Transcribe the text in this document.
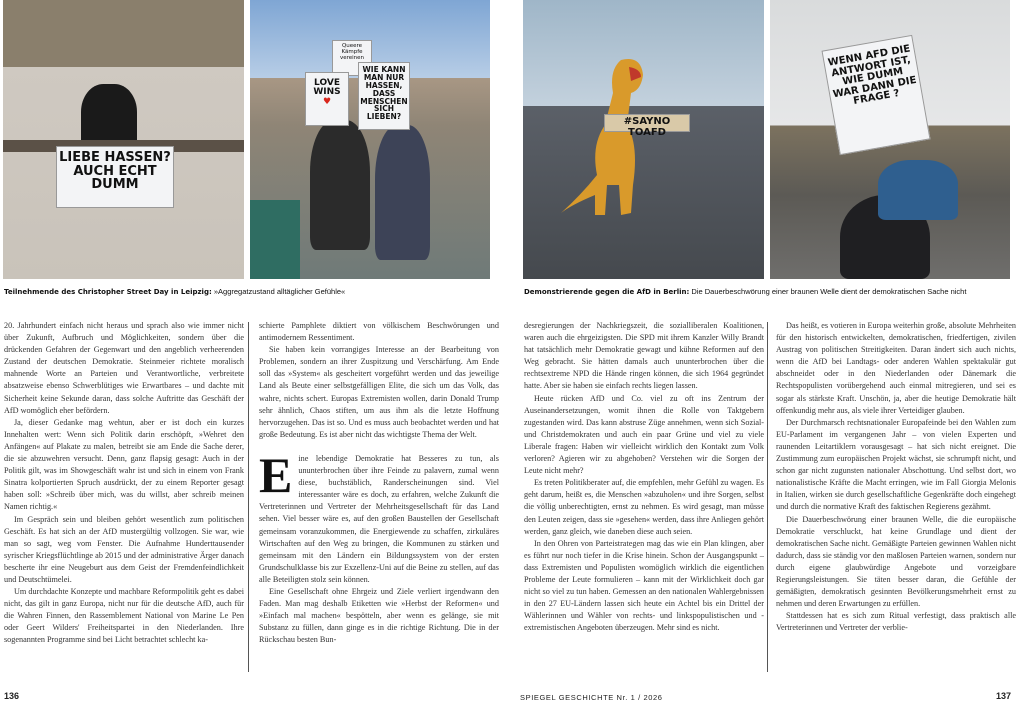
LIEBE HASSEN? AUCH ECHT DUMM
Queere Kämpfe vereinen
LOVE WINS
♥
WIE KANN MAN NUR HASSEN, DASS MENSCHEN SICH LIEBEN?	#SAYNO TOAFD
WENN AFD DIE ANTWORT IST, WIE DUMM WAR DANN DIE FRAGE ?
Teilnehmende des Christopher Street Day in Leipzig: »Aggregatzustand alltäglicher Gefühle«	Demonstrierende gegen die AfD in Berlin: Die Dauerbeschwörung einer braunen Welle dient der demokratischen Sache nicht

20. Jahrhundert einfach nicht heraus und sprach also wie immer nicht über Zukunft, Aufbruch und Möglichkeiten, sondern über die drückenden Gefahren der Gegenwart und den angeblich verheerenden Zustand der deutschen Demokratie. Steinmeier richtete moralisch mahnende Worte an Parteien und Verantwortliche, verbreitete absatzweise ebenso Schwerblütiges wie Erwartbares – und dachte mit Sicherheit keine Sekunde daran, dass solche Auftritte das Geschäft der AfD womöglich eher befördern.

Ja, dieser Gedanke mag wehtun, aber er ist doch ein kurzes Innehalten wert: Wenn sich Politik darin erschöpft, »Wehret den Anfängen« auf Plakate zu malen, betreibt sie am Ende die Sache derer, die sie abzuwehren versucht. Denn, ganz flapsig gesagt: Auch in der Politik gilt, was im Showgeschäft wahr ist und sich in einem von Frank Sinatra kolportierten Spruch ausdrückt, der zu einem Reporter gesagt haben soll: »Schreib über mich, was du willst, aber schreib meinen Namen richtig.«

Im Gespräch sein und bleiben gehört wesentlich zum politischen Geschäft. Es hat sich an der AfD mustergültig vollzogen. Sie war, wie man so sagt, weg vom Fenster. Die Aufnahme Hunderttausender syrischer Kriegsflüchtlinge ab 2015 und der administrative Ärger danach bescherte ihr eine Neugeburt aus dem Geist der Fremdenfeindlichkeit und Deutschtümelei.

Um durchdachte Konzepte und machbare Reformpolitik geht es dabei nicht, das gilt in ganz Europa, nicht nur für die deutsche AfD, auch für die Wahren Finnen, den Rassemblement National von Marine Le Pen oder Geert Wilders' Freiheitspartei in den Niederlanden. Ihre sogenannten Programme sind bei Licht betrachtet schlecht ka-

schierte Pamphlete diktiert von völkischem Beschwörungen und antimodernem Ressentiment.

Sie haben kein vorrangiges Interesse an der Bearbeitung von Problemen, sondern an ihrer Zuspitzung und Verschärfung. Am Ende soll das »System« als gescheitert vorgeführt werden und das jeweilige Land als Beute einer selbstgefälligen Elite, die sich um das Volk, das wahre, nichts schert. Europas Extremisten wollen, darin Donald Trump sehr ähnlich, Chaos stiften, um aus ihm als die letzte Hoffnung hervorzugehen. Das ist so. Und es muss auch beobachtet werden und hat große Bedeutung. Es ist aber nicht das wichtigste Thema der Welt.

Eine lebendige Demokratie hat Besseres zu tun, als ununterbrochen über ihre Feinde zu palavern, zumal wenn diese, buchstäblich, Randerscheinungen sind. Viel interessanter wäre es doch, zu erfahren, welche Zukunft die Vertreterinnen und Vertreter der Mehrheitsgesellschaft für das Land sehen. Viel besser wäre es, auf den großen Baustellen der Gesellschaft gemeinsam voranzukommen, die Energiewende zu schaffen, zirkuläres Wirtschaften auf den Weg zu bringen, die Kommunen zu stärken und gemeinsam mit den Ländern ein Bildungssystem von der ersten Grundschulklasse bis zur Exzellenz-Uni auf die Beine zu stellen, auf das alle Beteiligten stolz sein können.

Eine Gesellschaft ohne Ehrgeiz und Ziele verliert irgendwann den Faden. Man mag deshalb Etiketten wie »Herbst der Reformen« und »Einfach mal machen« bespötteln, aber wenn es gelänge, sie mit Substanz zu füllen, dann ginge es in die richtige Richtung. Die in der Rückschau besten Bun-

desregierungen der Nachkriegszeit, die sozialliberalen Koalitionen, waren auch die ehrgeizigsten. Die SPD mit ihrem Kanzler Willy Brandt hat tatsächlich mehr Demokratie gewagt und kühne Reformen auf den Weg gebracht. Sie hätten damals auch ununterbrochen über die rechtsextreme NPD die Hände ringen können, die sich 1964 gegründet hatte. Aber sie haben sie einfach rechts liegen lassen.

Heute rücken AfD und Co. viel zu oft ins Zentrum der Auseinandersetzungen, womit ihnen die Rolle von Taktgebern zugestanden wird. Das kann abstruse Züge annehmen, wenn sich Sozial- und Christdemokraten und auch ein paar Grüne und viel zu viele Liberale fragen: Haben wir vielleicht wirklich den Kontakt zum Volk verloren? Agieren wir zu abgehoben? Verstehen wir die Sorgen der Leute nicht mehr?

Es treten Politikberater auf, die empfehlen, mehr Gefühl zu wagen. Es geht darum, heißt es, die Menschen »abzuholen« und ihre Sorgen, selbst die völlig unberechtigten, ernst zu nehmen. Es wird gesagt, man müsse den Leuten zeigen, dass sie »gesehen« werden, dass ihre Anliegen gehört werden, ganz gleich, wie daneben diese auch seien.

In den Ohren von Parteistrategen mag das wie ein Plan klingen, aber es führt nur noch tiefer in die Krise hinein. Schon der Ausgangspunkt – dass Extremisten und Populisten womöglich wirklich die eigentlichen Probleme der Leute formulieren – kann mit der Wirklichkeit doch gar nicht so viel zu tun haben. Gemessen an den nationalen Wahlergebnissen in den 27 EU-Ländern lassen sich heute ein Achtel bis ein Drittel der Wählerinnen und Wähler von rechts- und linkspopulistischen und -extremistischen Angeboten überzeugen. Mehr sind es nicht.

Das heißt, es votieren in Europa weiterhin große, absolute Mehrheiten für den historisch entwickelten, demokratischen, friedfertigen, zivilen Austrag von politischen Streitigkeiten. Daran ändert sich auch nichts, wenn die AfD bei Landtags- oder anderen Wahlen spektakulär gut abschneidet oder in den Niederlanden oder Dänemark die Rechtspopulisten vorübergehend auch einmal mitregieren, und sei es sogar als stärkste Kraft. Unschön, ja, aber die heutige Demokratie hält offenkundig mehr aus, als viele ihrer Verteidiger glauben.

Der Durchmarsch rechtsnationaler Europafeinde bei den Wahlen zum EU-Parlament im vergangenen Jahr – von vielen Experten und raunenden Leitartiklern vorausgesagt – hat sich nicht ereignet. Die Zustimmung zum europäischen Projekt wächst, sie schrumpft nicht, und schon gar nicht zugunsten nationaler Abschottung. Und selbst dort, wo nationalistische Kräfte die Macht erringen, wie im Fall Giorgia Melonis in Italien, wirken sie durch gesellschaftliche Gegenkräfte doch eingehegt und durch die normative Kraft des faktischen Regierens gezähmt.

Die Dauerbeschwörung einer braunen Welle, die die europäische Demokratie verschluckt, hat keine Grundlage und dient der demokratischen Sache nicht. Gemäßigte Parteien gewinnen Wahlen nicht dadurch, dass sie ständig vor den maßlosen Parteien warnen, sondern nur durch eigene glaubwürdige Angebote und vorzeigbare Regierungsleistungen. Sie täten besser daran, die Gefühle der gemäßigten, demokratisch gesinnten Bevölkerungsmehrheit ernst zu nehmen und deren Erwartungen zu erfüllen.

Stattdessen hat es sich zum Ritual verfestigt, dass praktisch alle Vertreterinnen und Vertreter der verblie-

136	SPIEGEL GESCHICHTE Nr. 1 / 2026	137
